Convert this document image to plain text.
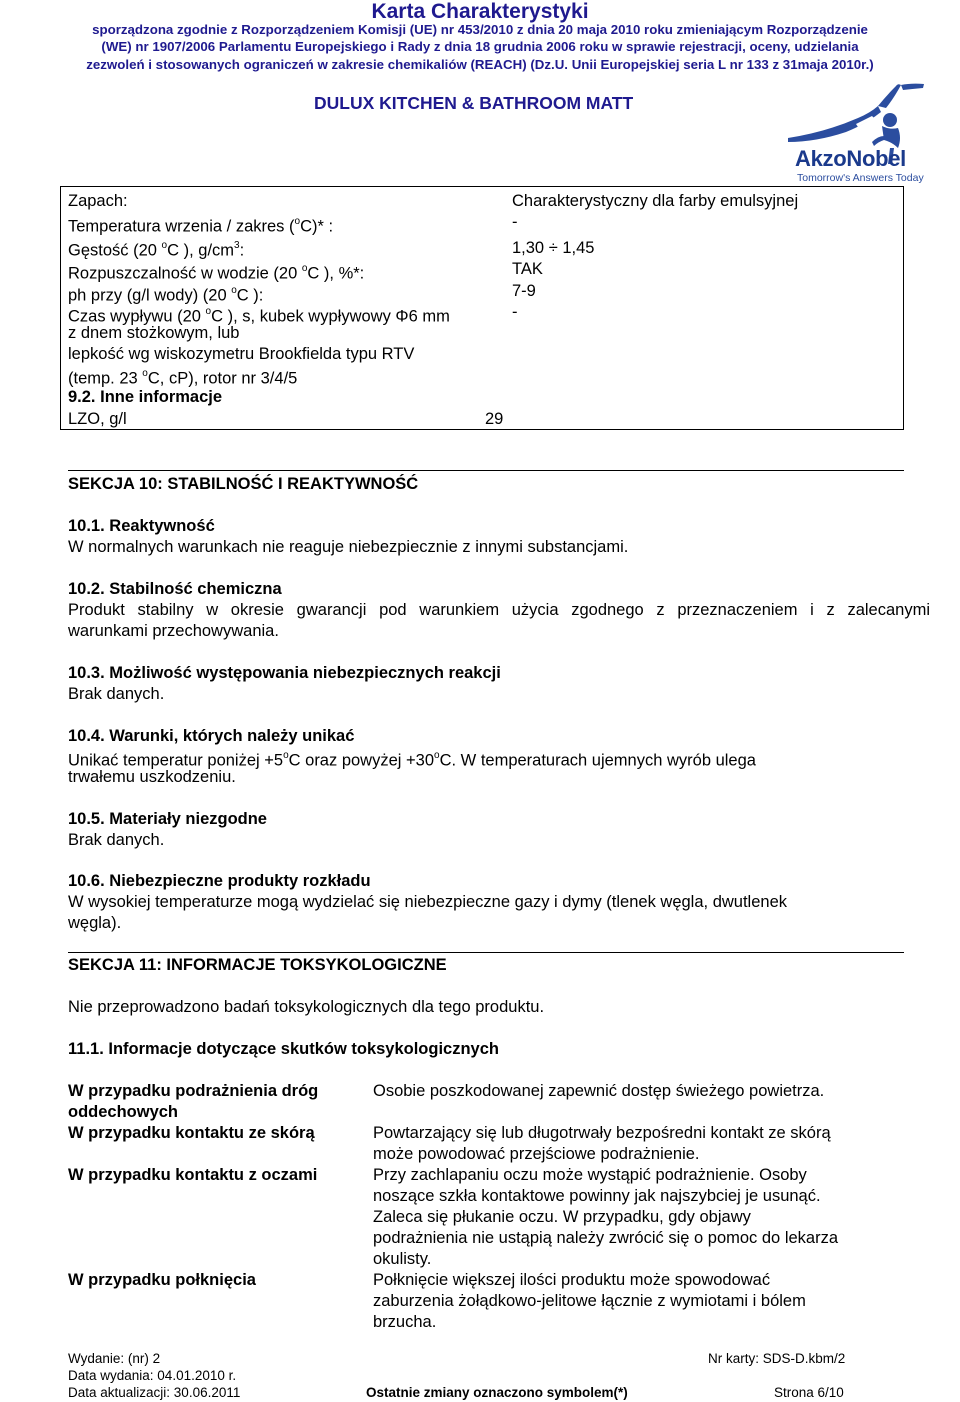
Karta Charakterystyki
sporządzona zgodnie z Rozporządzeniem Komisji (UE) nr 453/2010 z dnia 20 maja 2010 roku zmieniającym Rozporządzenie
(WE) nr 1907/2006 Parlamentu Europejskiego i Rady z dnia 18 grudnia 2006 roku w sprawie rejestracji, oceny, udzielania
zezwoleń i stosowanych ograniczeń w zakresie chemikaliów (REACH) (Dz.U. Unii Europejskiej seria L nr 133 z 31maja 2010r.)
DULUX KITCHEN & BATHROOM MATT
AkzoNobel
Tomorrow's Answers Today
Zapach:	Charakterystyczny dla farby emulsyjnej
Temperatura wrzenia / zakres ($^o$C)* :	-
Gęstość (20 $^o$C ), $g/cm^3$:	1,30 ÷ 1,45
Rozpuszczalność w wodzie (20 $^o$C ), %*:	TAK
ph przy (g/l wody) (20 $^o$C ):	7-9
Czas wypływu (20 $^o$C ), s, kubek wypływowy Φ6 mm	-
z dnem stożkowym, lub
lepkość wg wiskozymetru Brookfielda typu RTV
(temp. 23 $^o$C, cP), rotor nr 3/4/5
9.2. Inne informacje
LZO, g/l	29
SEKCJA 10: STABILNOŚĆ I REAKTYWNOŚĆ
10.1. Reaktywność
W normalnych warunkach nie reaguje niebezpiecznie z innymi substancjami.
10.2. Stabilność chemiczna
Produkt stabilny w okresie gwarancji pod warunkiem użycia zgodnego z przeznaczeniem i z zalecanymi
warunkami przechowywania.
10.3. Możliwość występowania niebezpiecznych reakcji
Brak danych.
10.4. Warunki, których należy unikać
Unikać temperatur poniżej $+5^oC$ oraz powyżej $+30^oC$. W temperaturach ujemnych wyrób ulega
trwałemu uszkodzeniu.
10.5. Materiały niezgodne
Brak danych.
10.6. Niebezpieczne produkty rozkładu
W wysokiej temperaturze mogą wydzielać się niebezpieczne gazy i dymy (tlenek węgla, dwutlenek
węgla).
SEKCJA 11: INFORMACJE TOKSYKOLOGICZNE
Nie przeprowadzono badań toksykologicznych dla tego produktu.
11.1. Informacje dotyczące skutków toksykologicznych
W przypadku podrażnienia dróg
oddechowych
Osobie poszkodowanej zapewnić dostęp świeżego powietrza.
W przypadku kontaktu ze skórą	Powtarzający się lub długotrwały bezpośredni kontakt ze skórą
może powodować przejściowe podrażnienie.
W przypadku kontaktu z oczami	Przy zachlapaniu oczu może wystąpić podrażnienie. Osoby
noszące szkła kontaktowe powinny jak najszybciej je usunąć.
Zaleca się płukanie oczu. W przypadku, gdy objawy
podrażnienia nie ustąpią należy zwrócić się o pomoc do lekarza
okulisty.
W przypadku połknięcia	Połknięcie większej ilości produktu może spowodować
zaburzenia żołądkowo-jelitowe łącznie z wymiotami i bólem
brzucha.
Wydanie: (nr) 2	Nr karty: SDS-D.kbm/2
Data wydania: 04.01.2010 r.
Data aktualizacji: 30.06.2011	Ostatnie zmiany oznaczono symbolem(*)	Strona 6/10
